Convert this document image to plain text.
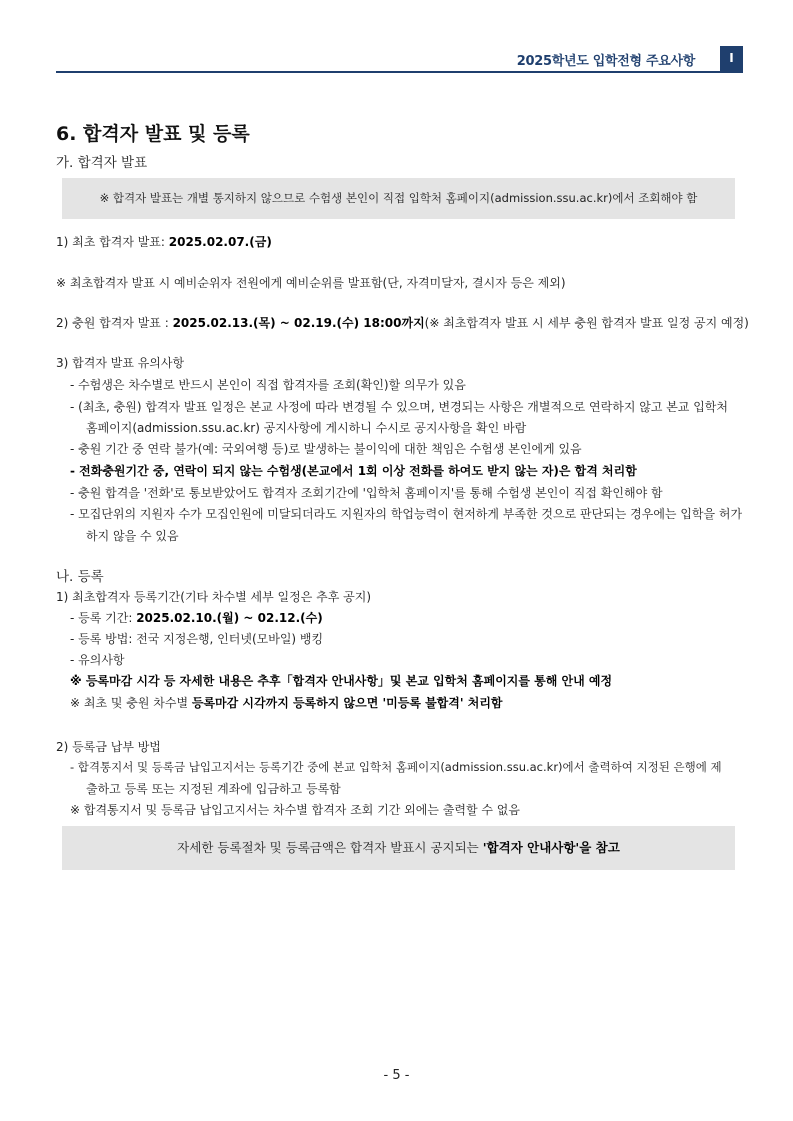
2025학년도 입학전형 주요사항	I
6. 합격자 발표 및 등록
가. 합격자 발표
※ 합격자 발표는 개별 통지하지 않으므로 수험생 본인이 직접 입학처 홈페이지(admission.ssu.ac.kr)에서 조회해야 함
1) 최초 합격자 발표: 2025.02.07.(금)
※ 최초합격자 발표 시 예비순위자 전원에게 예비순위를 발표함(단, 자격미달자, 결시자 등은 제외)
2) 충원 합격자 발표 : 2025.02.13.(목) ~ 02.19.(수) 18:00까지(※ 최초합격자 발표 시 세부 충원 합격자 발표 일정 공지 예정)
3) 합격자 발표 유의사항
- 수험생은 차수별로 반드시 본인이 직접 합격자를 조회(확인)할 의무가 있음
- (최초, 충원) 합격자 발표 일정은 본교 사정에 따라 변경될 수 있으며, 변경되는 사항은 개별적으로 연락하지 않고 본교 입학처
홈페이지(admission.ssu.ac.kr) 공지사항에 게시하니 수시로 공지사항을 확인 바람
- 충원 기간 중 연락 불가(예: 국외여행 등)로 발생하는 불이익에 대한 책임은 수험생 본인에게 있음
- 전화충원기간 중, 연락이 되지 않는 수험생(본교에서 1회 이상 전화를 하여도 받지 않는 자)은 합격 처리함
- 충원 합격을 '전화'로 통보받았어도 합격자 조회기간에 '입학처 홈페이지'를 통해 수험생 본인이 직접 확인해야 함
- 모집단위의 지원자 수가 모집인원에 미달되더라도 지원자의 학업능력이 현저하게 부족한 것으로 판단되는 경우에는 입학을 허가
하지 않을 수 있음
나. 등록
1) 최초합격자 등록기간(기타 차수별 세부 일정은 추후 공지)
- 등록 기간: 2025.02.10.(월) ~ 02.12.(수)
- 등록 방법: 전국 지정은행, 인터넷(모바일) 뱅킹
- 유의사항
※ 등록마감 시각 등 자세한 내용은 추후「합격자 안내사항」및 본교 입학처 홈페이지를 통해 안내 예정
※ 최초 및 충원 차수별 등록마감 시각까지 등록하지 않으면 '미등록 불합격' 처리함
2) 등록금 납부 방법
- 합격통지서 및 등록금 납입고지서는 등록기간 중에 본교 입학처 홈페이지(admission.ssu.ac.kr)에서 출력하여 지정된 은행에 제
출하고 등록 또는 지정된 계좌에 입금하고 등록함
※ 합격통지서 및 등록금 납입고지서는 차수별 합격자 조회 기간 외에는 출력할 수 없음
자세한 등록절차 및 등록금액은 합격자 발표시 공지되는 '합격자 안내사항'을 참고
- 5 -
